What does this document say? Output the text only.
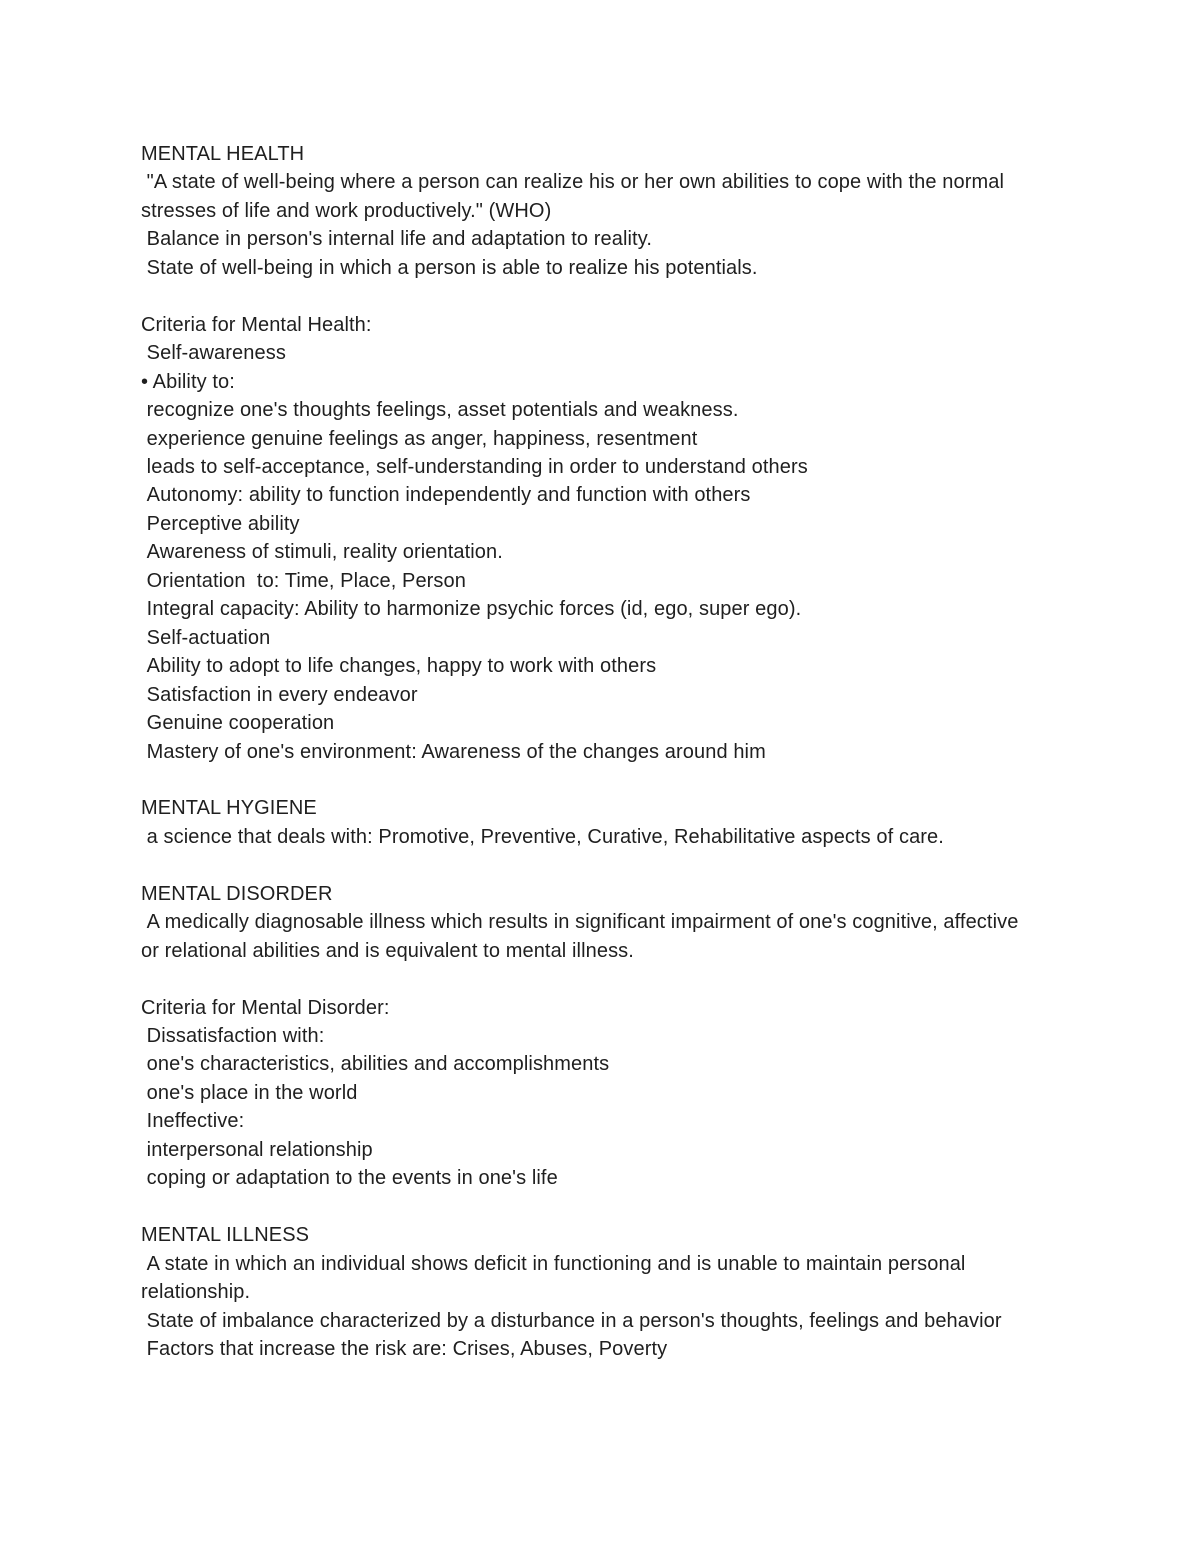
MENTAL HEALTH
"A state of well-being where a person can realize his or her own abilities to cope with the normal stresses of life and work productively." (WHO)
Balance in person's internal life and adaptation to reality.
State of well-being in which a person is able to realize his potentials.
Criteria for Mental Health:
Self-awareness
• Ability to:
recognize one's thoughts feelings, asset potentials and weakness.
experience genuine feelings as anger, happiness, resentment
leads to self-acceptance, self-understanding in order to understand others
Autonomy: ability to function independently and function with others
Perceptive ability
Awareness of stimuli, reality orientation.
Orientation  to: Time, Place, Person
Integral capacity: Ability to harmonize psychic forces (id, ego, super ego).
Self-actuation
Ability to adopt to life changes, happy to work with others
Satisfaction in every endeavor
Genuine cooperation
Mastery of one's environment: Awareness of the changes around him
MENTAL HYGIENE
a science that deals with: Promotive, Preventive, Curative, Rehabilitative aspects of care.
MENTAL DISORDER
A medically diagnosable illness which results in significant impairment of one's cognitive, affective or relational abilities and is equivalent to mental illness.
Criteria for Mental Disorder:
Dissatisfaction with:
one's characteristics, abilities and accomplishments
one's place in the world
Ineffective:
interpersonal relationship
coping or adaptation to the events in one's life
MENTAL ILLNESS
A state in which an individual shows deficit in functioning and is unable to maintain personal relationship.
State of imbalance characterized by a disturbance in a person's thoughts, feelings and behavior
Factors that increase the risk are: Crises, Abuses, Poverty
